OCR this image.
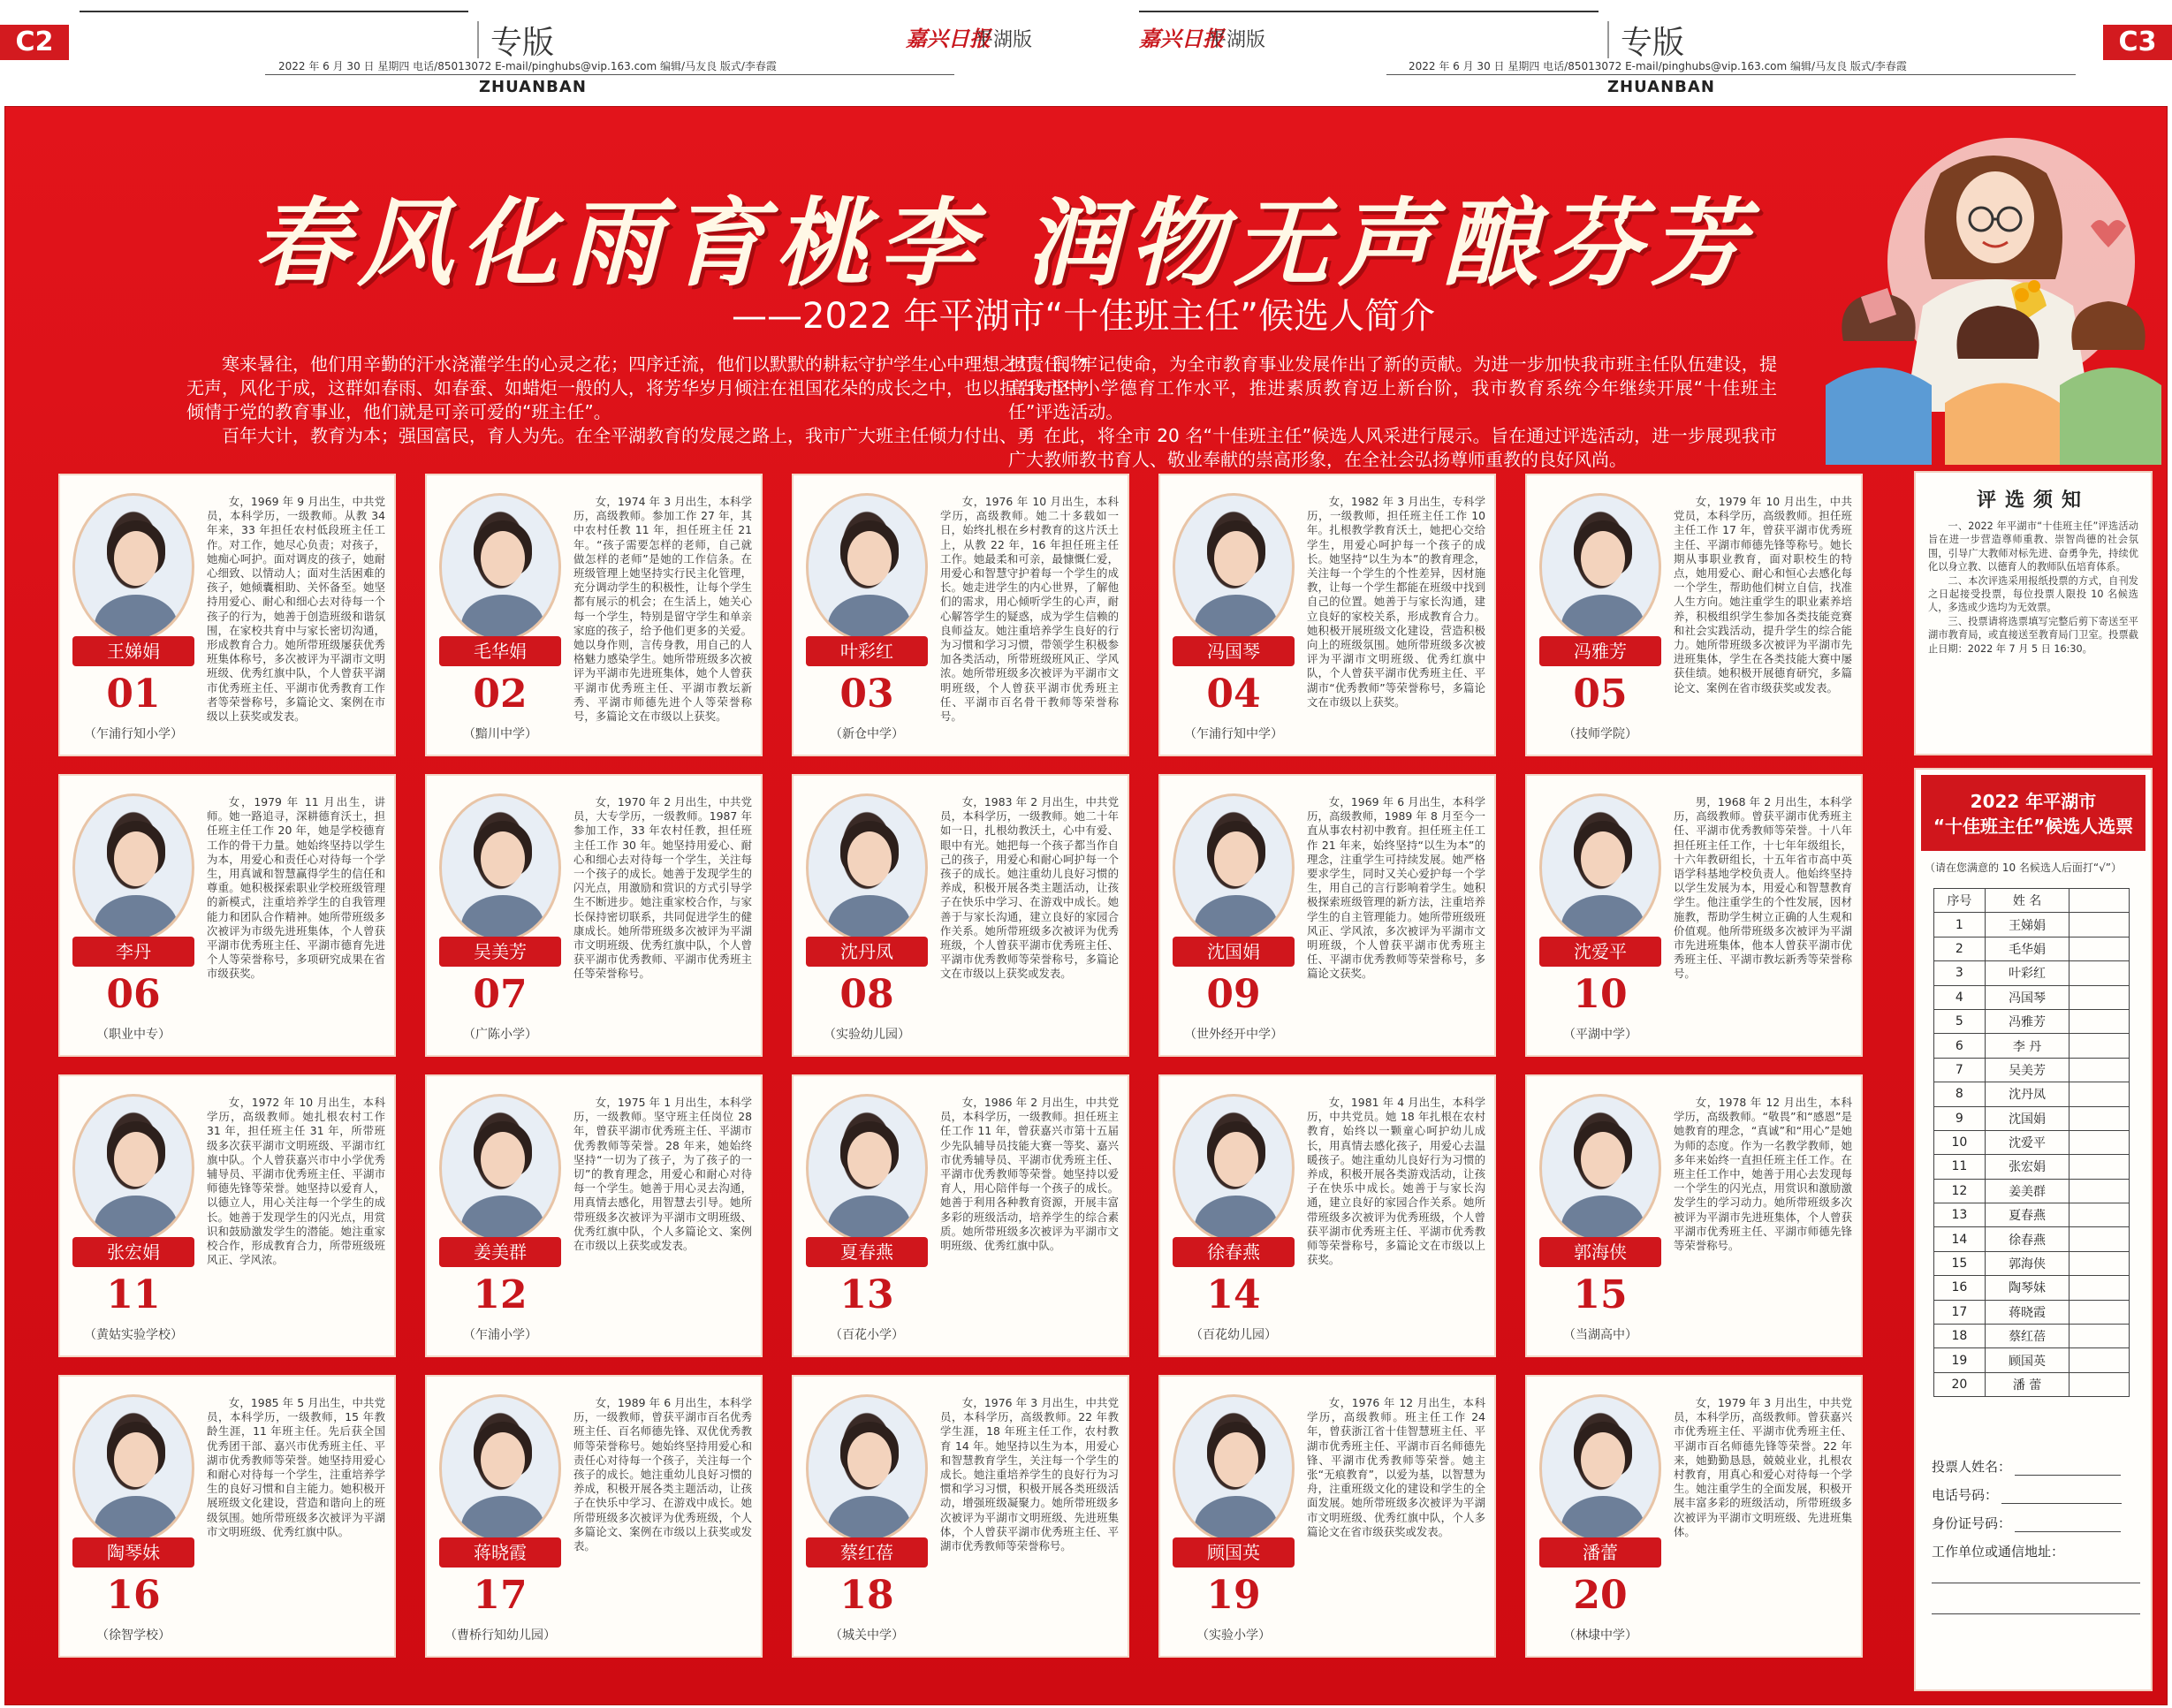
C2	专版
ZHUANBAN
2022 年 6 月 30 日 星期四 电话/85013072 E-mail/pinghubs@vip.163.com 编辑/马友良 版式/李春霞
嘉兴日报
平湖版	嘉兴日报
平湖版	专版
ZHUANBAN
2022 年 6 月 30 日 星期四 电话/85013072 E-mail/pinghubs@vip.163.com 编辑/马友良 版式/李春霞
C3
春风化雨育桃李 润物无声酿芬芳
——2022 年平湖市“十佳班主任”候选人简介

寒来暑往，他们用辛勤的汗水浇灌学生的心灵之花；四序迁流，他们以默默的耕耘守护学生心中理想之灯。润物无声，风化于成，这群如春雨、如春蚕、如蜡炬一般的人，将芳华岁月倾注在祖国花朵的成长之中，也以担当与坚守倾情于党的教育事业，他们就是可亲可爱的“班主任”。

百年大计，教育为本；强国富民，育人为先。在全平湖教育的发展之路上，我市广大班主任倾力付出、勇

担责任、牢记使命，为全市教育事业发展作出了新的贡献。为进一步加快我市班主任队伍建设，提高我市中小学德育工作水平，推进素质教育迈上新台阶，我市教育系统今年继续开展“十佳班主任”评选活动。

在此，将全市 20 名“十佳班主任”候选人风采进行展示。旨在通过评选活动，进一步展现我市广大教师教书育人、敬业奉献的崇高形象，在全社会弘扬尊师重教的良好风尚。

王娣娟
01
（乍浦行知小学）
女，1969 年 9 月出生，中共党员，本科学历，一级教师。从教 34 年来，33 年担任农村低段班主任工作。对工作，她尽心负责；对孩子，她痴心呵护。面对调皮的孩子，她耐心细致、以情动人；面对生活困难的孩子，她倾囊相助、关怀备至。她坚持用爱心、耐心和细心去对待每一个孩子的行为，她善于创造班级和谐氛围，在家校共育中与家长密切沟通，形成教育合力。她所带班级屡获优秀班集体称号，多次被评为平湖市文明班级、优秀红旗中队，个人曾获平湖市优秀班主任、平湖市优秀教育工作者等荣誉称号，多篇论文、案例在市级以上获奖或发表。
毛华娟
02
（黯川中学）
女，1974 年 3 月出生，本科学历，高级教师。参加工作 27 年，其中农村任教 11 年，担任班主任 21 年。“孩子需要怎样的老师，自己就做怎样的老师”是她的工作信条。在班级管理上她坚持实行民主化管理，充分调动学生的积极性，让每个学生都有展示的机会；在生活上，她关心每一个学生，特别是留守学生和单亲家庭的孩子，给予他们更多的关爱。她以身作则，言传身教，用自己的人格魅力感染学生。她所带班级多次被评为平湖市先进班集体，她个人曾获平湖市优秀班主任、平湖市教坛新秀、平湖市师德先进个人等荣誉称号，多篇论文在市级以上获奖。
叶彩红
03
（新仓中学）
女，1976 年 10 月出生，本科学历，高级教师。她二十多载如一日，始终扎根在乡村教育的这片沃土上，从教 22 年，16 年担任班主任工作。她最柔和可亲，最慷慨仁爱，用爱心和智慧守护着每一个学生的成长。她走进学生的内心世界，了解他们的需求，用心倾听学生的心声，耐心解答学生的疑惑，成为学生信赖的良师益友。她注重培养学生良好的行为习惯和学习习惯，带领学生积极参加各类活动，所带班级班风正、学风浓。她所带班级多次被评为平湖市文明班级，个人曾获平湖市优秀班主任、平湖市百名骨干教师等荣誉称号。
冯国琴
04
（乍浦行知中学）
女，1982 年 3 月出生，专科学历，一级教师，担任班主任工作 10 年。扎根教学教育沃土，她把心交给学生，用爱心呵护每一个孩子的成长。她坚持“以生为本”的教育理念，关注每一个学生的个性差异，因材施教，让每一个学生都能在班级中找到自己的位置。她善于与家长沟通，建立良好的家校关系，形成教育合力。她积极开展班级文化建设，营造积极向上的班级氛围。她所带班级多次被评为平湖市文明班级、优秀红旗中队，个人曾获平湖市优秀班主任、平湖市“优秀教师”等荣誉称号，多篇论文在市级以上获奖。
冯雅芳
05
（技师学院）
女，1979 年 10 月出生，中共党员，本科学历，高级教师。担任班主任工作 17 年，曾获平湖市优秀班主任、平湖市师德先锋等称号。她长期从事职业教育，面对职校生的特点，她用爱心、耐心和恒心去感化每一个学生，帮助他们树立自信，找准人生方向。她注重学生的职业素养培养，积极组织学生参加各类技能竞赛和社会实践活动，提升学生的综合能力。她所带班级多次被评为平湖市先进班集体，学生在各类技能大赛中屡获佳绩。她积极开展德育研究，多篇论文、案例在省市级获奖或发表。
李丹
06
（职业中专）
女，1979 年 11 月出生，讲师。她一路追寻，深耕德育沃土，担任班主任工作 20 年，她是学校德育工作的骨干力量。她始终坚持以学生为本，用爱心和责任心对待每一个学生，用真诚和智慧赢得学生的信任和尊重。她积极探索职业学校班级管理的新模式，注重培养学生的自我管理能力和团队合作精神。她所带班级多次被评为市级先进班集体，个人曾获平湖市优秀班主任、平湖市德育先进个人等荣誉称号，多项研究成果在省市级获奖。
吴美芳
07
（广陈小学）
女，1970 年 2 月出生，中共党员，大专学历，一级教师。1987 年参加工作，33 年农村任教，担任班主任工作 30 年。她坚持用爱心、耐心和细心去对待每一个学生，关注每一个孩子的成长。她善于发现学生的闪光点，用激励和赏识的方式引导学生不断进步。她注重家校合作，与家长保持密切联系，共同促进学生的健康成长。她所带班级多次被评为平湖市文明班级、优秀红旗中队，个人曾获平湖市优秀教师、平湖市优秀班主任等荣誉称号。
沈丹凤
08
（实验幼儿园）
女，1983 年 2 月出生，中共党员，本科学历，一级教师。她二十年如一日，扎根幼教沃土，心中有爱、眼中有光。她把每一个孩子都当作自己的孩子，用爱心和耐心呵护每一个孩子的成长。她注重幼儿良好习惯的养成，积极开展各类主题活动，让孩子在快乐中学习、在游戏中成长。她善于与家长沟通，建立良好的家园合作关系。她所带班级多次被评为优秀班级，个人曾获平湖市优秀班主任、平湖市优秀教师等荣誉称号，多篇论文在市级以上获奖或发表。
沈国娟
09
（世外经开中学）
女，1969 年 6 月出生，本科学历，高级教师，1989 年 8 月至今一直从事农村初中教育。担任班主任工作 21 年来，始终坚持“以生为本”的理念，注重学生可持续发展。她严格要求学生，同时又关心爱护每一个学生，用自己的言行影响着学生。她积极探索班级管理的新方法，注重培养学生的自主管理能力。她所带班级班风正、学风浓，多次被评为平湖市文明班级，个人曾获平湖市优秀班主任、平湖市优秀教师等荣誉称号，多篇论文获奖。
沈爱平
10
（平湖中学）
男，1968 年 2 月出生，本科学历，高级教师。曾获平湖市优秀班主任、平湖市优秀教师等荣誉。十八年担任班主任工作，十七年年级组长，十六年教研组长，十五年省市高中英语学科基地学校负责人。他始终坚持以学生发展为本，用爱心和智慧教育学生。他注重学生的个性发展，因材施教，帮助学生树立正确的人生观和价值观。他所带班级多次被评为平湖市先进班集体，他本人曾获平湖市优秀班主任、平湖市教坛新秀等荣誉称号。
张宏娟
11
（黄姑实验学校）
女，1972 年 10 月出生，本科学历，高级教师。她扎根农村工作 31 年，担任班主任 31 年，所带班级多次获平湖市文明班级、平湖市红旗中队。个人曾获嘉兴市中小学优秀辅导员、平湖市优秀班主任、平湖市师德先锋等荣誉。她坚持以爱育人，以德立人，用心关注每一个学生的成长。她善于发现学生的闪光点，用赏识和鼓励激发学生的潜能。她注重家校合作，形成教育合力，所带班级班风正、学风浓。	姜美群
12
（乍浦小学）
女，1975 年 1 月出生，本科学历，一级教师。坚守班主任岗位 28 年，曾获平湖市优秀班主任、平湖市优秀教师等荣誉。28 年来，她始终坚持“一切为了孩子，为了孩子的一切”的教育理念，用爱心和耐心对待每一个学生。她善于用心灵去沟通，用真情去感化，用智慧去引导。她所带班级多次被评为平湖市文明班级、优秀红旗中队，个人多篇论文、案例在市级以上获奖或发表。	夏春燕
13
（百花小学）
女，1986 年 2 月出生，中共党员，本科学历，一级教师。担任班主任工作 11 年，曾获嘉兴市第十五届少先队辅导员技能大赛一等奖、嘉兴市优秀辅导员、平湖市优秀班主任、平湖市优秀教师等荣誉。她坚持以爱育人，用心陪伴每一个孩子的成长。她善于利用各种教育资源，开展丰富多彩的班级活动，培养学生的综合素质。她所带班级多次被评为平湖市文明班级、优秀红旗中队。	徐春燕
14
（百花幼儿园）
女，1981 年 4 月出生，本科学历，中共党员。她 18 年扎根在农村教育，始终以一颗童心呵护幼儿成长，用真情去感化孩子，用爱心去温暖孩子。她注重幼儿良好行为习惯的养成，积极开展各类游戏活动，让孩子在快乐中成长。她善于与家长沟通，建立良好的家园合作关系。她所带班级多次被评为优秀班级，个人曾获平湖市优秀班主任、平湖市优秀教师等荣誉称号，多篇论文在市级以上获奖。	郭海侠
15
（当湖高中）
女，1978 年 12 月出生，本科学历，高级教师。“敬畏”和“感恩”是她教育的理念，“真诚”和“用心”是她为师的态度。作为一名教学教师，她多年来始终一直担任班主任工作。在班主任工作中，她善于用心去发现每一个学生的闪光点，用赏识和激励激发学生的学习动力。她所带班级多次被评为平湖市先进班集体，个人曾获平湖市优秀班主任、平湖市师德先锋等荣誉称号。
陶琴妹
16
（徐智学校）
女，1985 年 5 月出生，中共党员，本科学历，一级教师，15 年教龄生涯，11 年班主任。先后获全国优秀团干部、嘉兴市优秀班主任、平湖市优秀教师等荣誉。她坚持用爱心和耐心对待每一个学生，注重培养学生的良好习惯和自主能力。她积极开展班级文化建设，营造和谐向上的班级氛围。她所带班级多次被评为平湖市文明班级、优秀红旗中队。
蒋晓霞
17
（曹桥行知幼儿园）
女，1989 年 6 月出生，本科学历，一级教师，曾获平湖市百名优秀班主任、百名师德先锋、双优优秀教师等荣誉称号。她始终坚持用爱心和责任心对待每一个孩子，关注每一个孩子的成长。她注重幼儿良好习惯的养成，积极开展各类主题活动，让孩子在快乐中学习、在游戏中成长。她所带班级多次被评为优秀班级，个人多篇论文、案例在市级以上获奖或发表。	蔡红蓓
18
（城关中学）
女，1976 年 3 月出生，中共党员，本科学历，高级教师。22 年教学生涯，18 年班主任工作，农村教育 14 年。她坚持以生为本，用爱心和智慧教育学生，关注每一个学生的成长。她注重培养学生的良好行为习惯和学习习惯，积极开展各类班级活动，增强班级凝聚力。她所带班级多次被评为平湖市文明班级、先进班集体，个人曾获平湖市优秀班主任、平湖市优秀教师等荣誉称号。	顾国英
19
（实验小学）
女，1976 年 12 月出生，本科学历，高级教师。班主任工作 24 年，曾获浙江省十佳智慧班主任、平湖市优秀班主任、平湖市百名师德先锋、平湖市优秀教师等荣誉。她主张“无痕教育”，以爱为基，以智慧为舟，注重班级文化的建设和学生的全面发展。她所带班级多次被评为平湖市文明班级、优秀红旗中队，个人多篇论文在省市级获奖或发表。
潘蕾
20
（林埭中学）
女，1979 年 3 月出生，中共党员，本科学历，高级教师。曾获嘉兴市优秀班主任、平湖市优秀班主任、平湖市百名师德先锋等荣誉。22 年来，她勤勤恳恳，兢兢业业，扎根农村教育，用真心和爱心对待每一个学生。她注重学生的全面发展，积极开展丰富多彩的班级活动，所带班级多次被评为平湖市文明班级、先进班集体。
评选须知

一、2022 年平湖市“十佳班主任”评选活动旨在进一步营造尊师重教、崇智尚德的社会氛围，引导广大教师对标先进、奋勇争先，持续优化以身立教、以德育人的教师队伍培育体系。

二、本次评选采用报纸投票的方式，自刊发之日起接受投票，每位投票人限投 10 名候选人，多选或少选均为无效票。

三、投票请将选票填写完整后剪下寄送至平湖市教育局，或直接送至教育局门卫室。投票截止日期：2022 年 7 月 5 日 16:30。

2022 年平湖市
“十佳班主任”候选人选票
（请在您满意的 10 名候选人后面打“√”）
序号	姓 名	
1	王娣娟	
2	毛华娟	
3	叶彩红	
4	冯国琴	
5	冯雅芳	
6	李 丹	
7	吴美芳	
8	沈丹凤	
9	沈国娟	
10	沈爱平	
11	张宏娟	
12	姜美群	
13	夏春燕	
14	徐春燕	
15	郭海侠	
16	陶琴妹	
17	蒋晓霞	
18	蔡红蓓	
19	顾国英	
20	潘 蕾	
投票人姓名：
电话号码：
身份证号码：
工作单位或通信地址：
